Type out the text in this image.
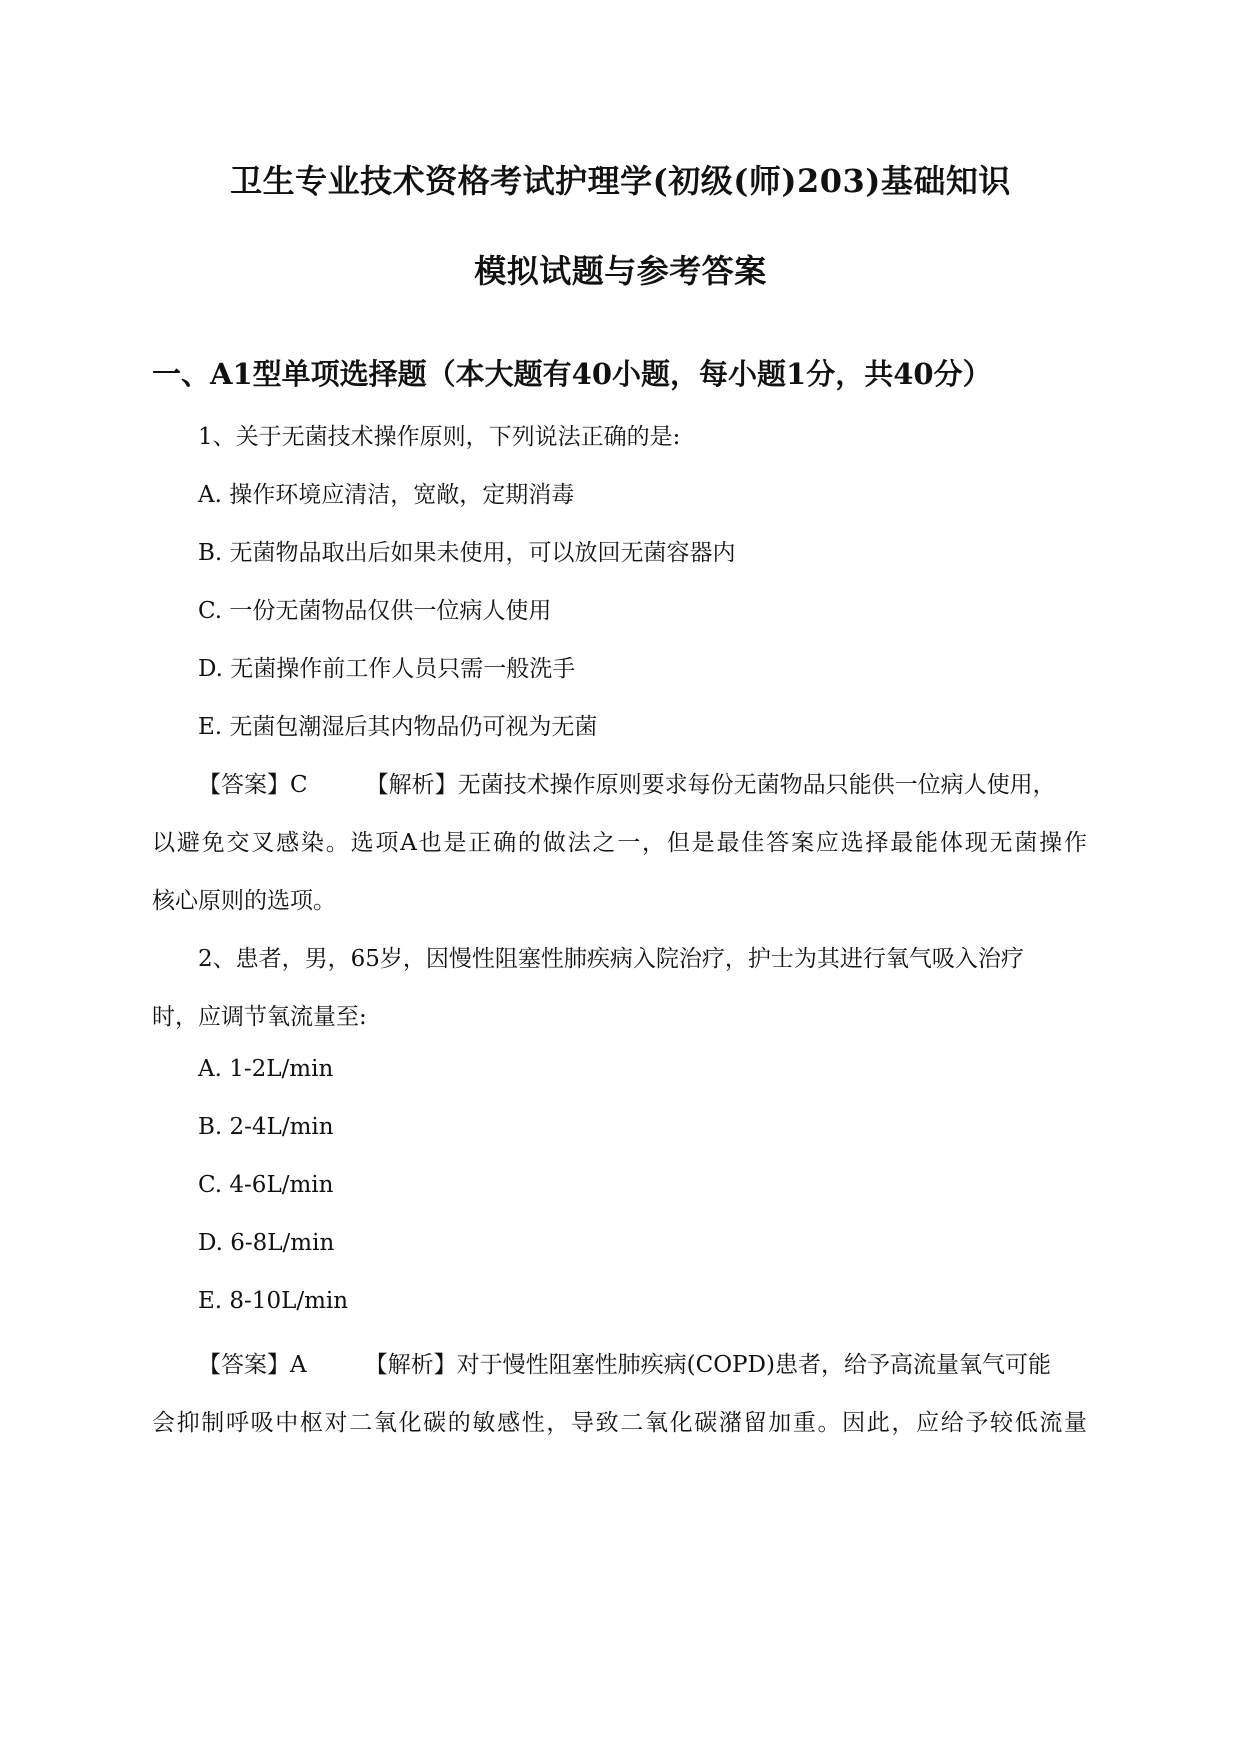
卫生专业技术资格考试护理学(初级(师)203)基础知识
模拟试题与参考答案
一、A1型单项选择题（本大题有40小题，每小题1分，共40分）
1、关于无菌技术操作原则，下列说法正确的是:
A. 操作环境应清洁，宽敞，定期消毒
B. 无菌物品取出后如果未使用，可以放回无菌容器内
C. 一份无菌物品仅供一位病人使用
D. 无菌操作前工作人员只需一般洗手
E. 无菌包潮湿后其内物品仍可视为无菌
【答案】C	【解析】无菌技术操作原则要求每份无菌物品只能供一位病人使用，
以避免交叉感染。选项A也是正确的做法之一，但是最佳答案应选择最能体现无菌操作
核心原则的选项。
2、患者，男，65岁，因慢性阻塞性肺疾病入院治疗，护士为其进行氧气吸入治疗
时，应调节氧流量至:
A. 1-2L/min
B. 2-4L/min
C. 4-6L/min
D. 6-8L/min
E. 8-10L/min
【答案】A	【解析】对于慢性阻塞性肺疾病(COPD)患者，给予高流量氧气可能
会抑制呼吸中枢对二氧化碳的敏感性，导致二氧化碳潴留加重。因此，应给予较低流量
